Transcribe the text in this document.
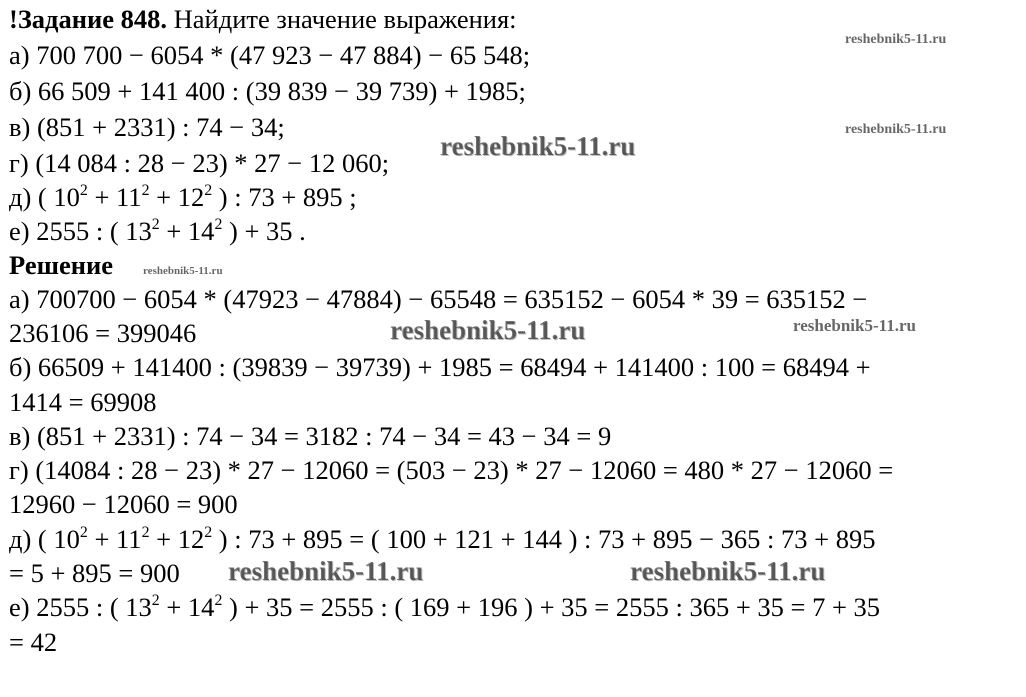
!Задание 848. Найдите значение выражения:
а) 700 700 − 6054 * (47 923 − 47 884) − 65 548;
б) 66 509 + 141 400 : (39 839 − 39 739) + 1985;
в) (851 + 2331) : 74 − 34;
г) (14 084 : 28 − 23) * 27 − 12 060;
д) ( $10^2 + 11^2 + 12^2$ ) : 73 + 895 ;
е) 2555 : ( $13^2 + 14^2$ ) + 35 .
Решение
а) 700700 − 6054 * (47923 − 47884) − 65548 = 635152 − 6054 * 39 = 635152 −
236106 = 399046
б) 66509 + 141400 : (39839 − 39739) + 1985 = 68494 + 141400 : 100 = 68494 +
1414 = 69908
в) (851 + 2331) : 74 − 34 = 3182 : 74 − 34 = 43 − 34 = 9
г) (14084 : 28 − 23) * 27 − 12060 = (503 − 23) * 27 − 12060 = 480 * 27 − 12060 =
12960 − 12060 = 900
д) ( $10^2 + 11^2 + 12^2$ ) : 73 + 895 = ( 100 + 121 + 144 ) : 73 + 895 − 365 : 73 + 895
= 5 + 895 = 900
е) 2555 : ( $13^2 + 14^2$ ) + 35 = 2555 : ( 169 + 196 ) + 35 = 2555 : 365 + 35 = 7 + 35
= 42
reshebnik5-11.ru
reshebnik5-11.ru
reshebnik5-11.ru
reshebnik5-11.ru
reshebnik5-11.ru	reshebnik5-11.ru
reshebnik5-11.ru	reshebnik5-11.ru
